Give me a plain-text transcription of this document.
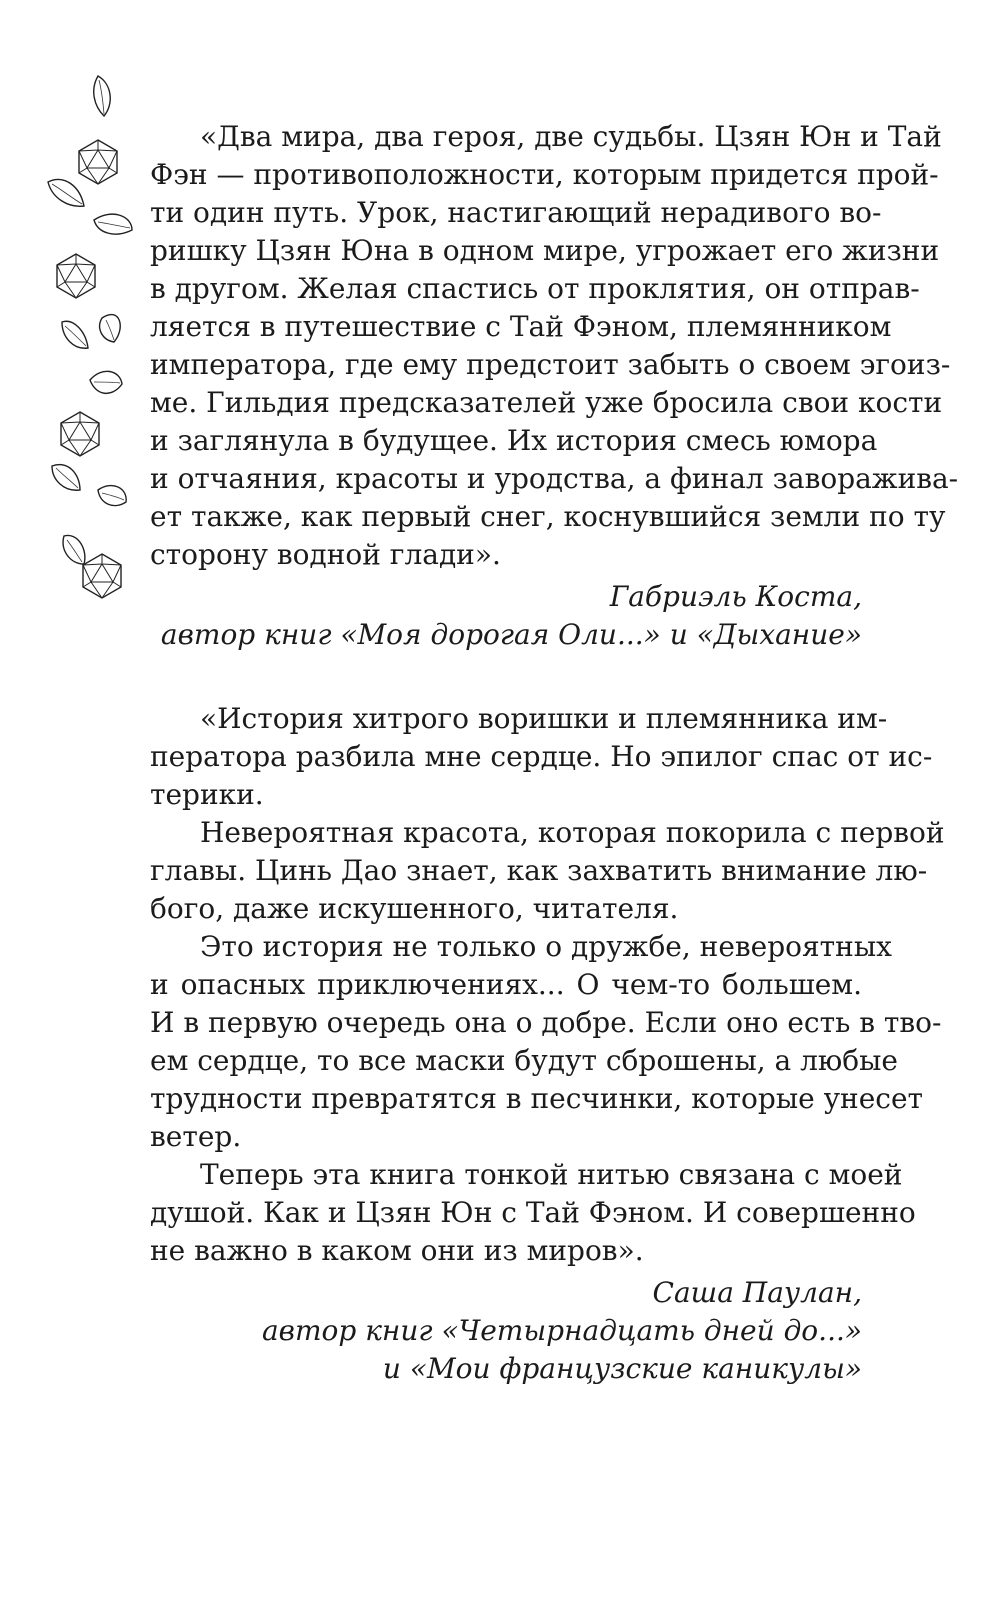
«Два мира, два героя, две судьбы. Цзян Юн и Тай
Фэн — противоположности, которым придется прой-
ти один путь. Урок, настигающий нерадивого во-
ришку Цзян Юна в одном мире, угрожает его жизни
в другом. Желая спастись от проклятия, он отправ-
ляется в путешествие с Тай Фэном, племянником
императора, где ему предстоит забыть о своем эгоиз-
ме. Гильдия предсказателей уже бросила свои кости
и заглянула в будущее. Их история смесь юмора
и отчаяния, красоты и уродства, а финал заворажива-
ет также, как первый снег, коснувшийся земли по ту
сторону водной глади».
Габриэль Коста,
автор книг «Моя дорогая Оли...» и «Дыхание»
«История хитрого воришки и племянника им-
ператора разбила мне сердце. Но эпилог спас от ис-
терики.
Невероятная красота, которая покорила с первой
главы. Цинь Дао знает, как захватить внимание лю-
бого, даже искушенного, читателя.
Это история не только о дружбе, невероятных
и опасных приключениях... О чем-то большем.
И в первую очередь она о добре. Если оно есть в тво-
ем сердце, то все маски будут сброшены, а любые
трудности превратятся в песчинки, которые унесет
ветер.
Теперь эта книга тонкой нитью связана с моей
душой. Как и Цзян Юн с Тай Фэном. И совершенно
не важно в каком они из миров».
Саша Паулан,
автор книг «Четырнадцать дней до...»
и «Мои французские каникулы»
